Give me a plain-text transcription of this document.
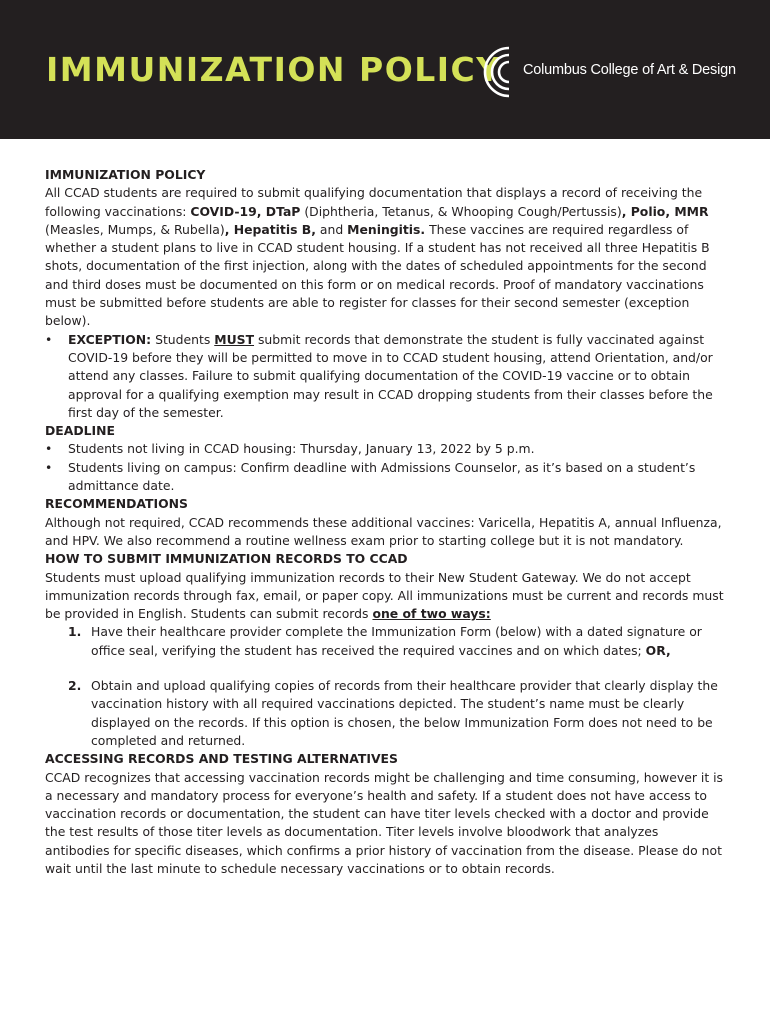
IMMUNIZATION POLICY Columbus College of Art & Design

IMMUNIZATION POLICY

All CCAD students are required to submit qualifying documentation that displays a record of receiving the following vaccinations: COVID-19, DTaP (Diphtheria, Tetanus, & Whooping Cough/Pertussis), Polio, MMR (Measles, Mumps, & Rubella), Hepatitis B, and Meningitis. These vaccines are required regardless of whether a student plans to live in CCAD student housing. If a student has not received all three Hepatitis B shots, documentation of the first injection, along with the dates of scheduled appointments for the second and third doses must be documented on this form or on medical records. Proof of mandatory vaccinations must be submitted before students are able to register for classes for their second semester (exception below).

• EXCEPTION: Students MUST submit records that demonstrate the student is fully vaccinated against COVID-19 before they will be permitted to move in to CCAD student housing, attend Orientation, and/or attend any classes. Failure to submit qualifying documentation of the COVID-19 vaccine or to obtain approval for a qualifying exemption may result in CCAD dropping students from their classes before the first day of the semester.

DEADLINE

• Students not living in CCAD housing: Thursday, January 13, 2022 by 5 p.m.
• Students living on campus: Confirm deadline with Admissions Counselor, as it’s based on a student’s admittance date.

RECOMMENDATIONS

Although not required, CCAD recommends these additional vaccines: Varicella, Hepatitis A, annual Influenza, and HPV. We also recommend a routine wellness exam prior to starting college but it is not mandatory.

HOW TO SUBMIT IMMUNIZATION RECORDS TO CCAD

Students must upload qualifying immunization records to their New Student Gateway. We do not accept immunization records through fax, email, or paper copy. All immunizations must be current and records must be provided in English. Students can submit records one of two ways:

1. Have their healthcare provider complete the Immunization Form (below) with a dated signature or office seal, verifying the student has received the required vaccines and on which dates; OR,
2. Obtain and upload qualifying copies of records from their healthcare provider that clearly display the vaccination history with all required vaccinations depicted. The student’s name must be clearly displayed on the records. If this option is chosen, the below Immunization Form does not need to be completed and returned.

ACCESSING RECORDS AND TESTING ALTERNATIVES

CCAD recognizes that accessing vaccination records might be challenging and time consuming, however it is a necessary and mandatory process for everyone’s health and safety. If a student does not have access to vaccination records or documentation, the student can have titer levels checked with a doctor and provide the test results of those titer levels as documentation. Titer levels involve bloodwork that analyzes antibodies for specific diseases, which confirms a prior history of vaccination from the disease. Please do not wait until the last minute to schedule necessary vaccinations or to obtain records.
